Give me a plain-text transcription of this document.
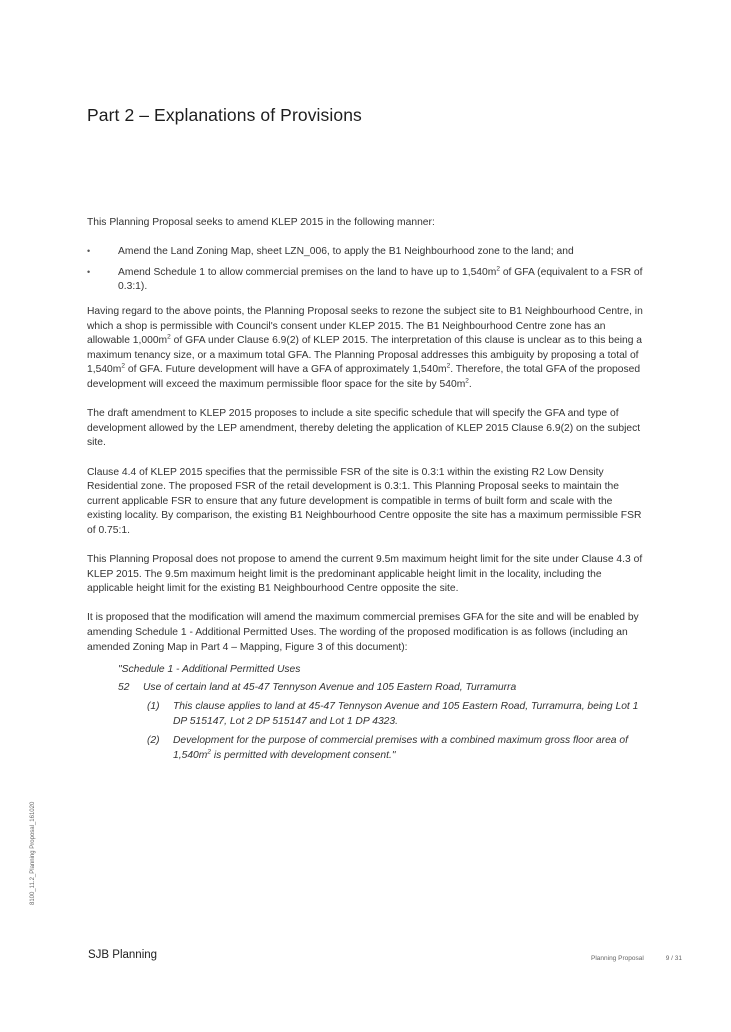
Part 2 – Explanations of Provisions

This Planning Proposal seeks to amend KLEP 2015 in the following manner:

•	Amend the Land Zoning Map, sheet LZN_006, to apply the B1 Neighbourhood zone to the land; and
•	Amend Schedule 1 to allow commercial premises on the land to have up to $1,540m^2$ of GFA (equivalent to a FSR of 0.3:1).

Having regard to the above points, the Planning Proposal seeks to rezone the subject site to B1 Neighbourhood Centre, in which a shop is permissible with Council's consent under KLEP 2015. The B1 Neighbourhood Centre zone has an allowable $1,000m^2$ of GFA under Clause 6.9(2) of KLEP 2015. The interpretation of this clause is unclear as to this being a maximum tenancy size, or a maximum total GFA. The Planning Proposal addresses this ambiguity by proposing a total of $1,540m^2$ of GFA. Future development will have a GFA of approximately $1,540m^2$. Therefore, the total GFA of the proposed development will exceed the maximum permissible floor space for the site by $540m^2$.

The draft amendment to KLEP 2015 proposes to include a site specific schedule that will specify the GFA and type of development allowed by the LEP amendment, thereby deleting the application of KLEP 2015 Clause 6.9(2) on the subject site.

Clause 4.4 of KLEP 2015 specifies that the permissible FSR of the site is 0.3:1 within the existing R2 Low Density Residential zone. The proposed FSR of the retail development is 0.3:1. This Planning Proposal seeks to maintain the current applicable FSR to ensure that any future development is compatible in terms of built form and scale with the existing locality. By comparison, the existing B1 Neighbourhood Centre opposite the site has a maximum permissible FSR of 0.75:1.

This Planning Proposal does not propose to amend the current 9.5m maximum height limit for the site under Clause 4.3 of KLEP 2015. The 9.5m maximum height limit is the predominant applicable height limit in the locality, including the applicable height limit for the existing B1 Neighbourhood Centre opposite the site.

It is proposed that the modification will amend the maximum commercial premises GFA for the site and will be enabled by amending Schedule 1 - Additional Permitted Uses. The wording of the proposed modification is as follows (including an amended Zoning Map in Part 4 – Mapping, Figure 3 of this document):

"Schedule 1 - Additional Permitted Uses
52 Use of certain land at 45-47 Tennyson Avenue and 105 Eastern Road, Turramurra
(1) This clause applies to land at 45-47 Tennyson Avenue and 105 Eastern Road, Turramurra, being Lot 1 DP 515147, Lot 2 DP 515147 and Lot 1 DP 4323.
(2) Development for the purpose of commercial premises with a combined maximum gross floor area of $1,540m^2$ is permitted with development consent."
8100_11.2_Planning Proposal_161020
SJB Planning	Planning Proposal	9 / 31
